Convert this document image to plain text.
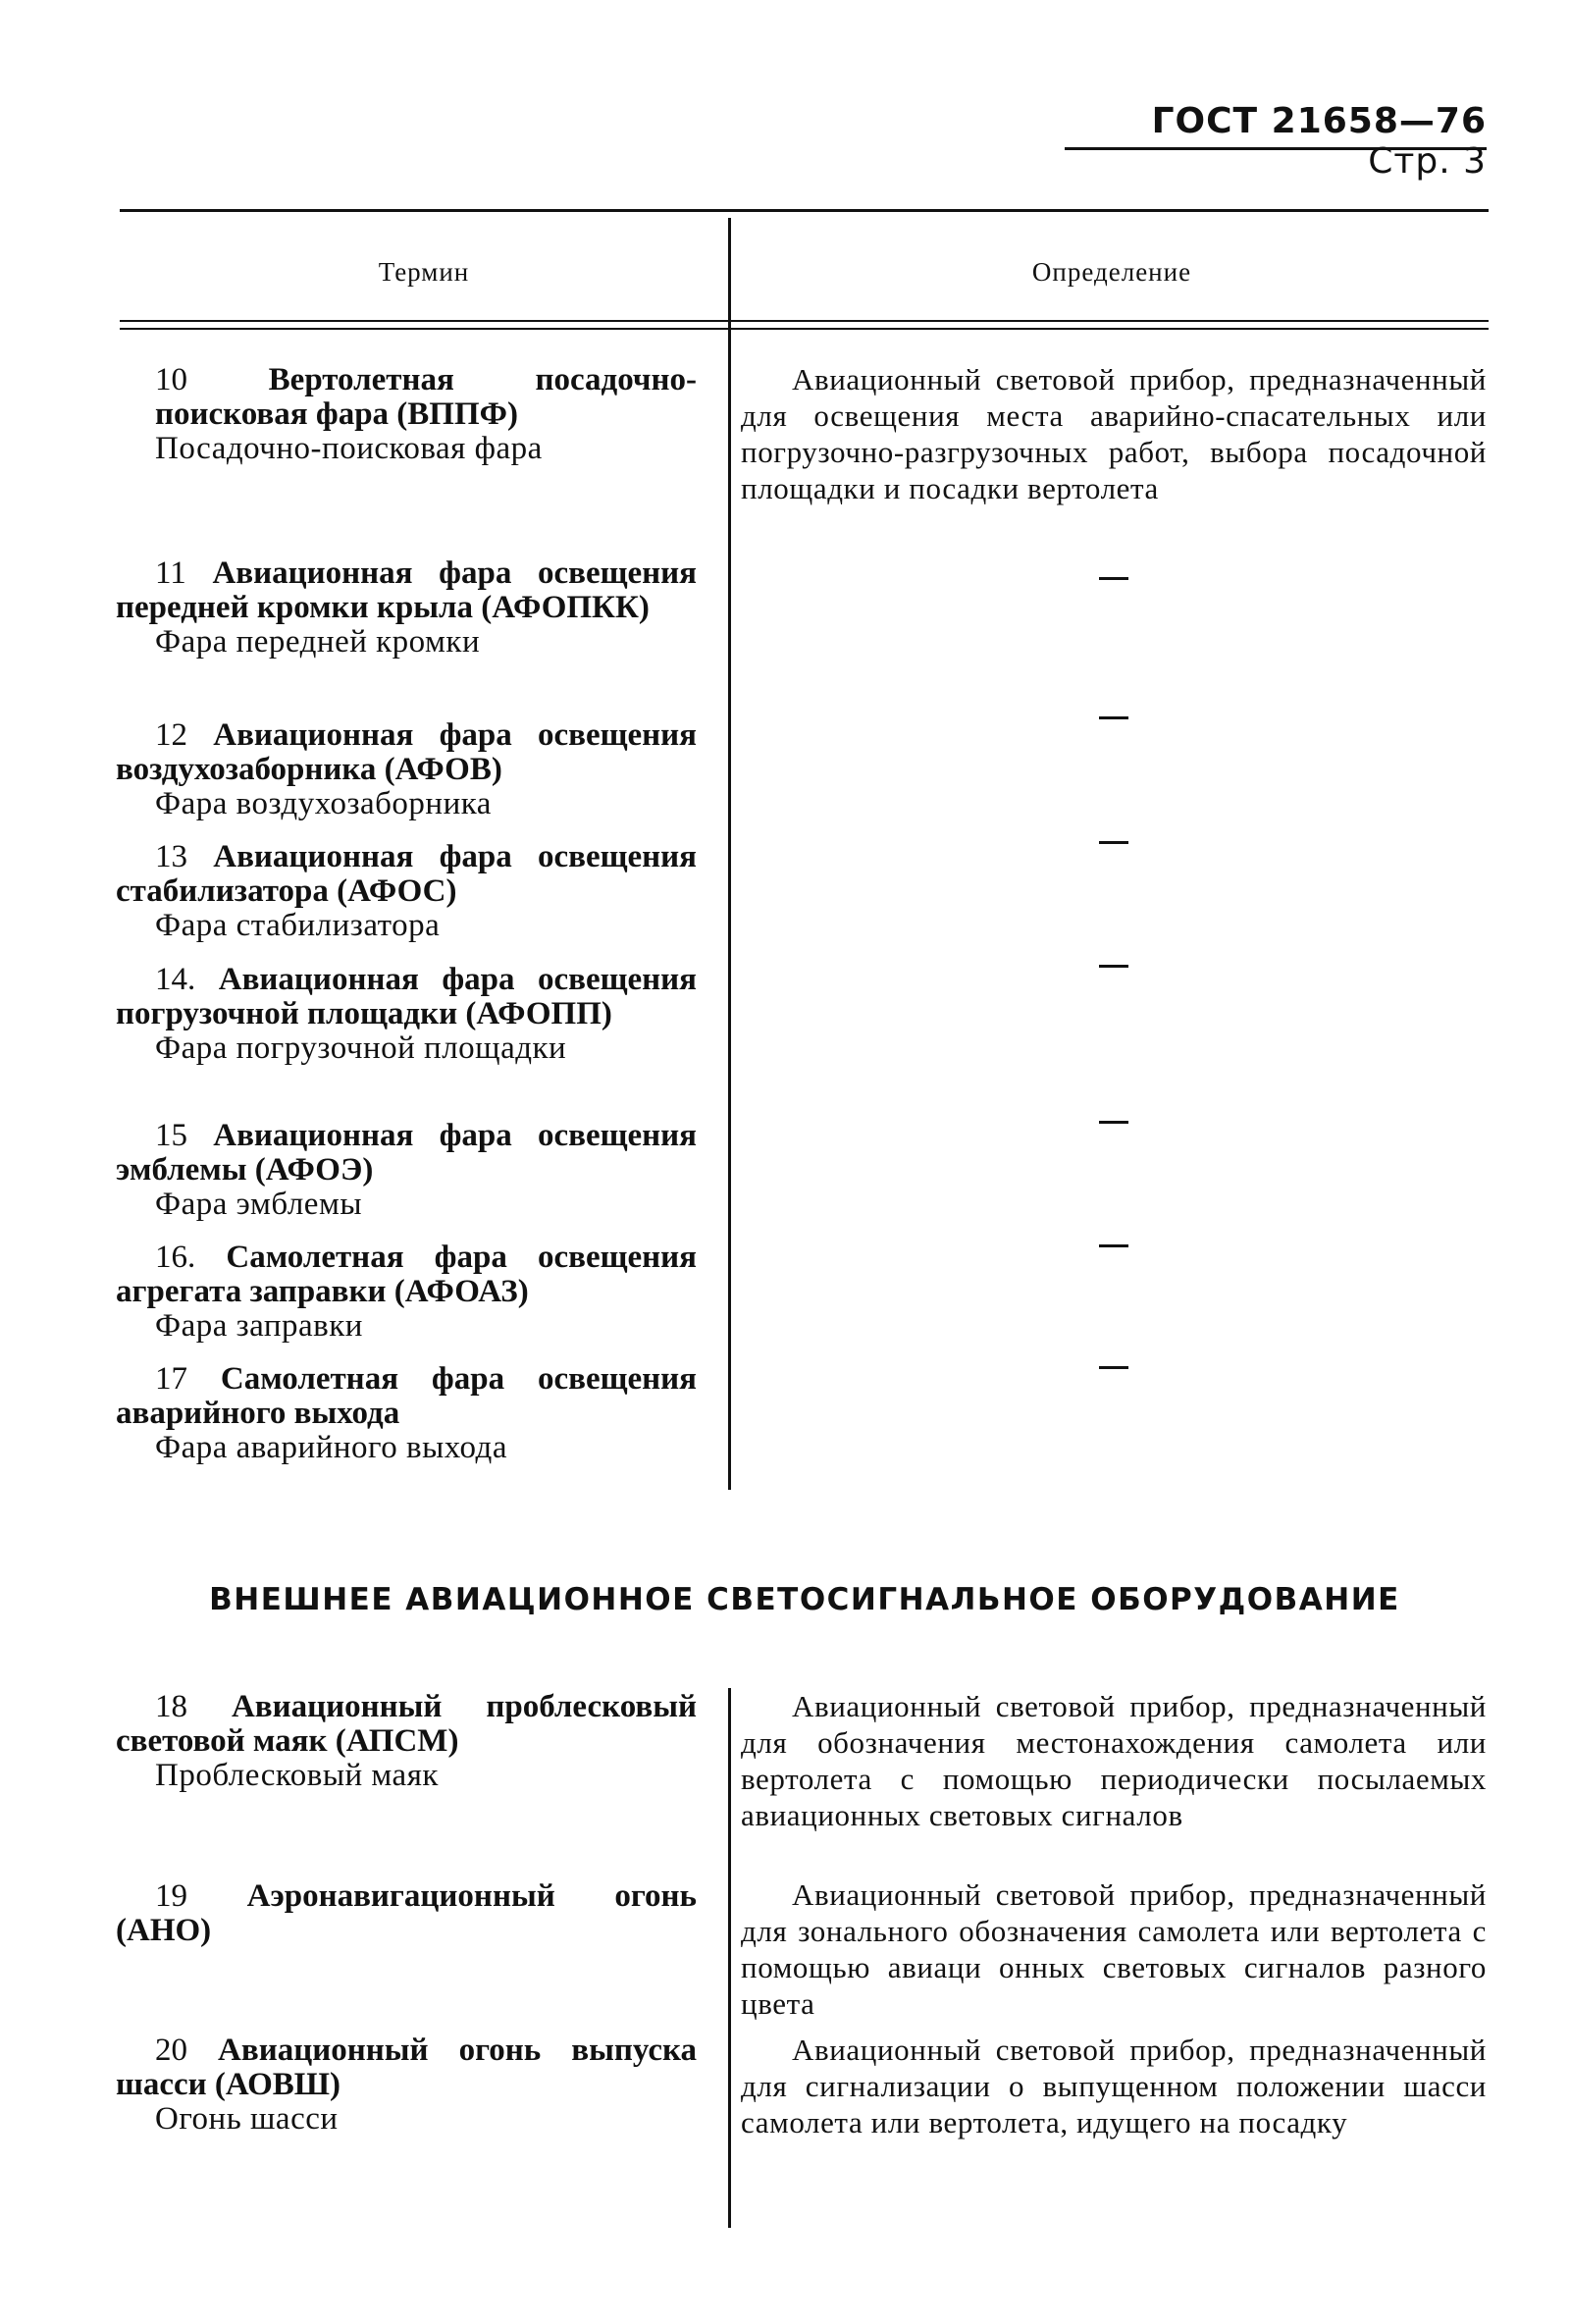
ГОСТ 21658—76 Стр. 3
Термин	Определение
10	Вертолетная посадочно-поисковая фара (ВППФ)
Посадочно-поисковая фара
Авиационный световой прибор, предназначенный для освещения места аварийно-спасательных или погрузочно-разгрузочных работ, выбора посадочной площадки и посадки вертолета
11 Авиационная фара освещения передней кромки крыла (АФОПКК)
Фара передней кромки
12 Авиационная фара освещения воздухозаборника (АФОВ)
Фара воздухозаборника
13 Авиационная фара освещения стабилизатора (АФОС)
Фара стабилизатора
14. Авиационная фара освещения погрузочной площадки (АФОПП)
Фара погрузочной площадки
15 Авиационная фара освещения эмблемы (АФОЭ)
Фара эмблемы
16. Самолетная фара освещения агрегата заправки (АФОАЗ)
Фара заправки
17 Самолетная фара освещения аварийного выхода
Фара аварийного выхода
ВНЕШНЕЕ АВИАЦИОННОЕ СВЕТОСИГНАЛЬНОЕ ОБОРУДОВАНИЕ
18 Авиационный проблесковый световой маяк (АПСМ)
Проблесковый маяк
Авиационный световой прибор, предназначенный для обозначения местонахождения самолета или вертолета с помощью периодически посылаемых авиационных световых сигналов
19 Аэронавигационный огонь (АНО)
Авиационный световой прибор, предназначенный для зонального обозначения самолета или вертолета с помощью авиаци онных световых сигналов разного цвета
20 Авиационный огонь выпуска шасси (АОВШ)
Огонь шасси
Авиационный световой прибор, предназначенный для сигнализации о выпущенном положении шасси самолета или вертолета, идущего на посадку
